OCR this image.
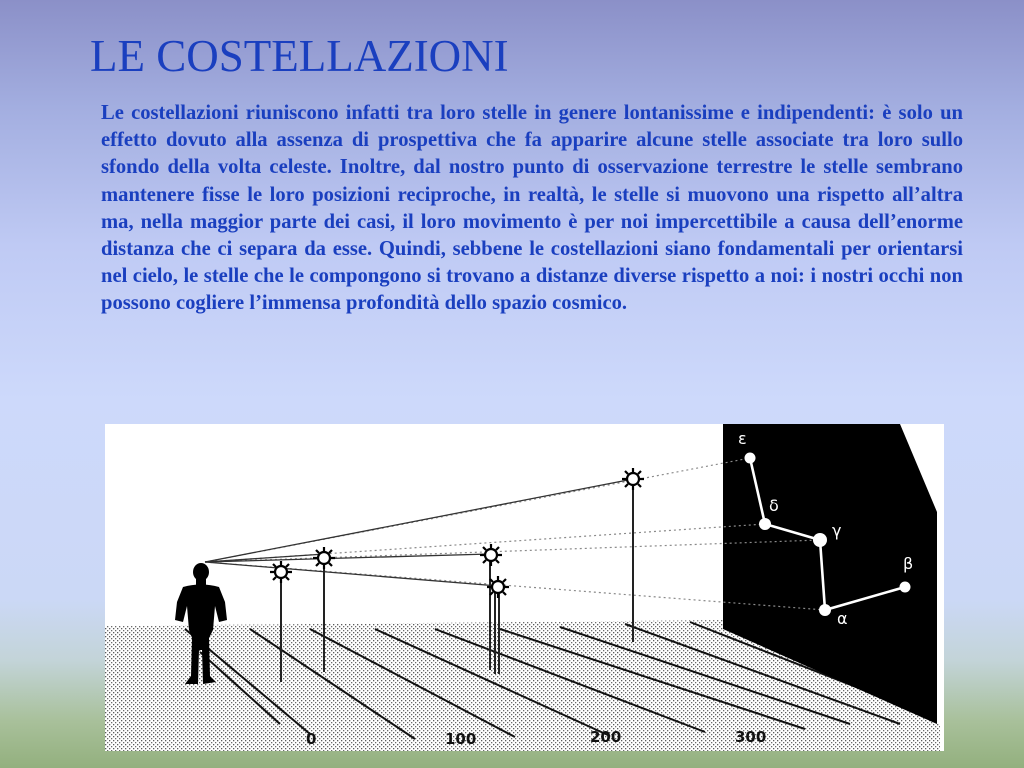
LE COSTELLAZIONI

Le costellazioni riuniscono infatti tra loro stelle in genere lontanissime e indipendenti: è solo un effetto dovuto alla assenza di prospettiva che fa apparire alcune stelle associate tra loro sullo sfondo della volta celeste. Inoltre, dal nostro punto di osservazione terrestre le stelle sembrano mantenere fisse le loro posizioni reciproche, in realtà, le stelle si muovono una rispetto all’altra ma, nella maggior parte dei casi, il loro movimento è per noi impercettibile a causa dell’enorme distanza che ci separa da esse. Quindi, sebbene le costellazioni siano fondamentali per orientarsi nel cielo, le stelle che le compongono si trovano a distanze diverse rispetto a noi: i nostri occhi non possono cogliere l’immensa profondità dello spazio cosmico.

ε
δ
γ
β
α
0	100	200	300
